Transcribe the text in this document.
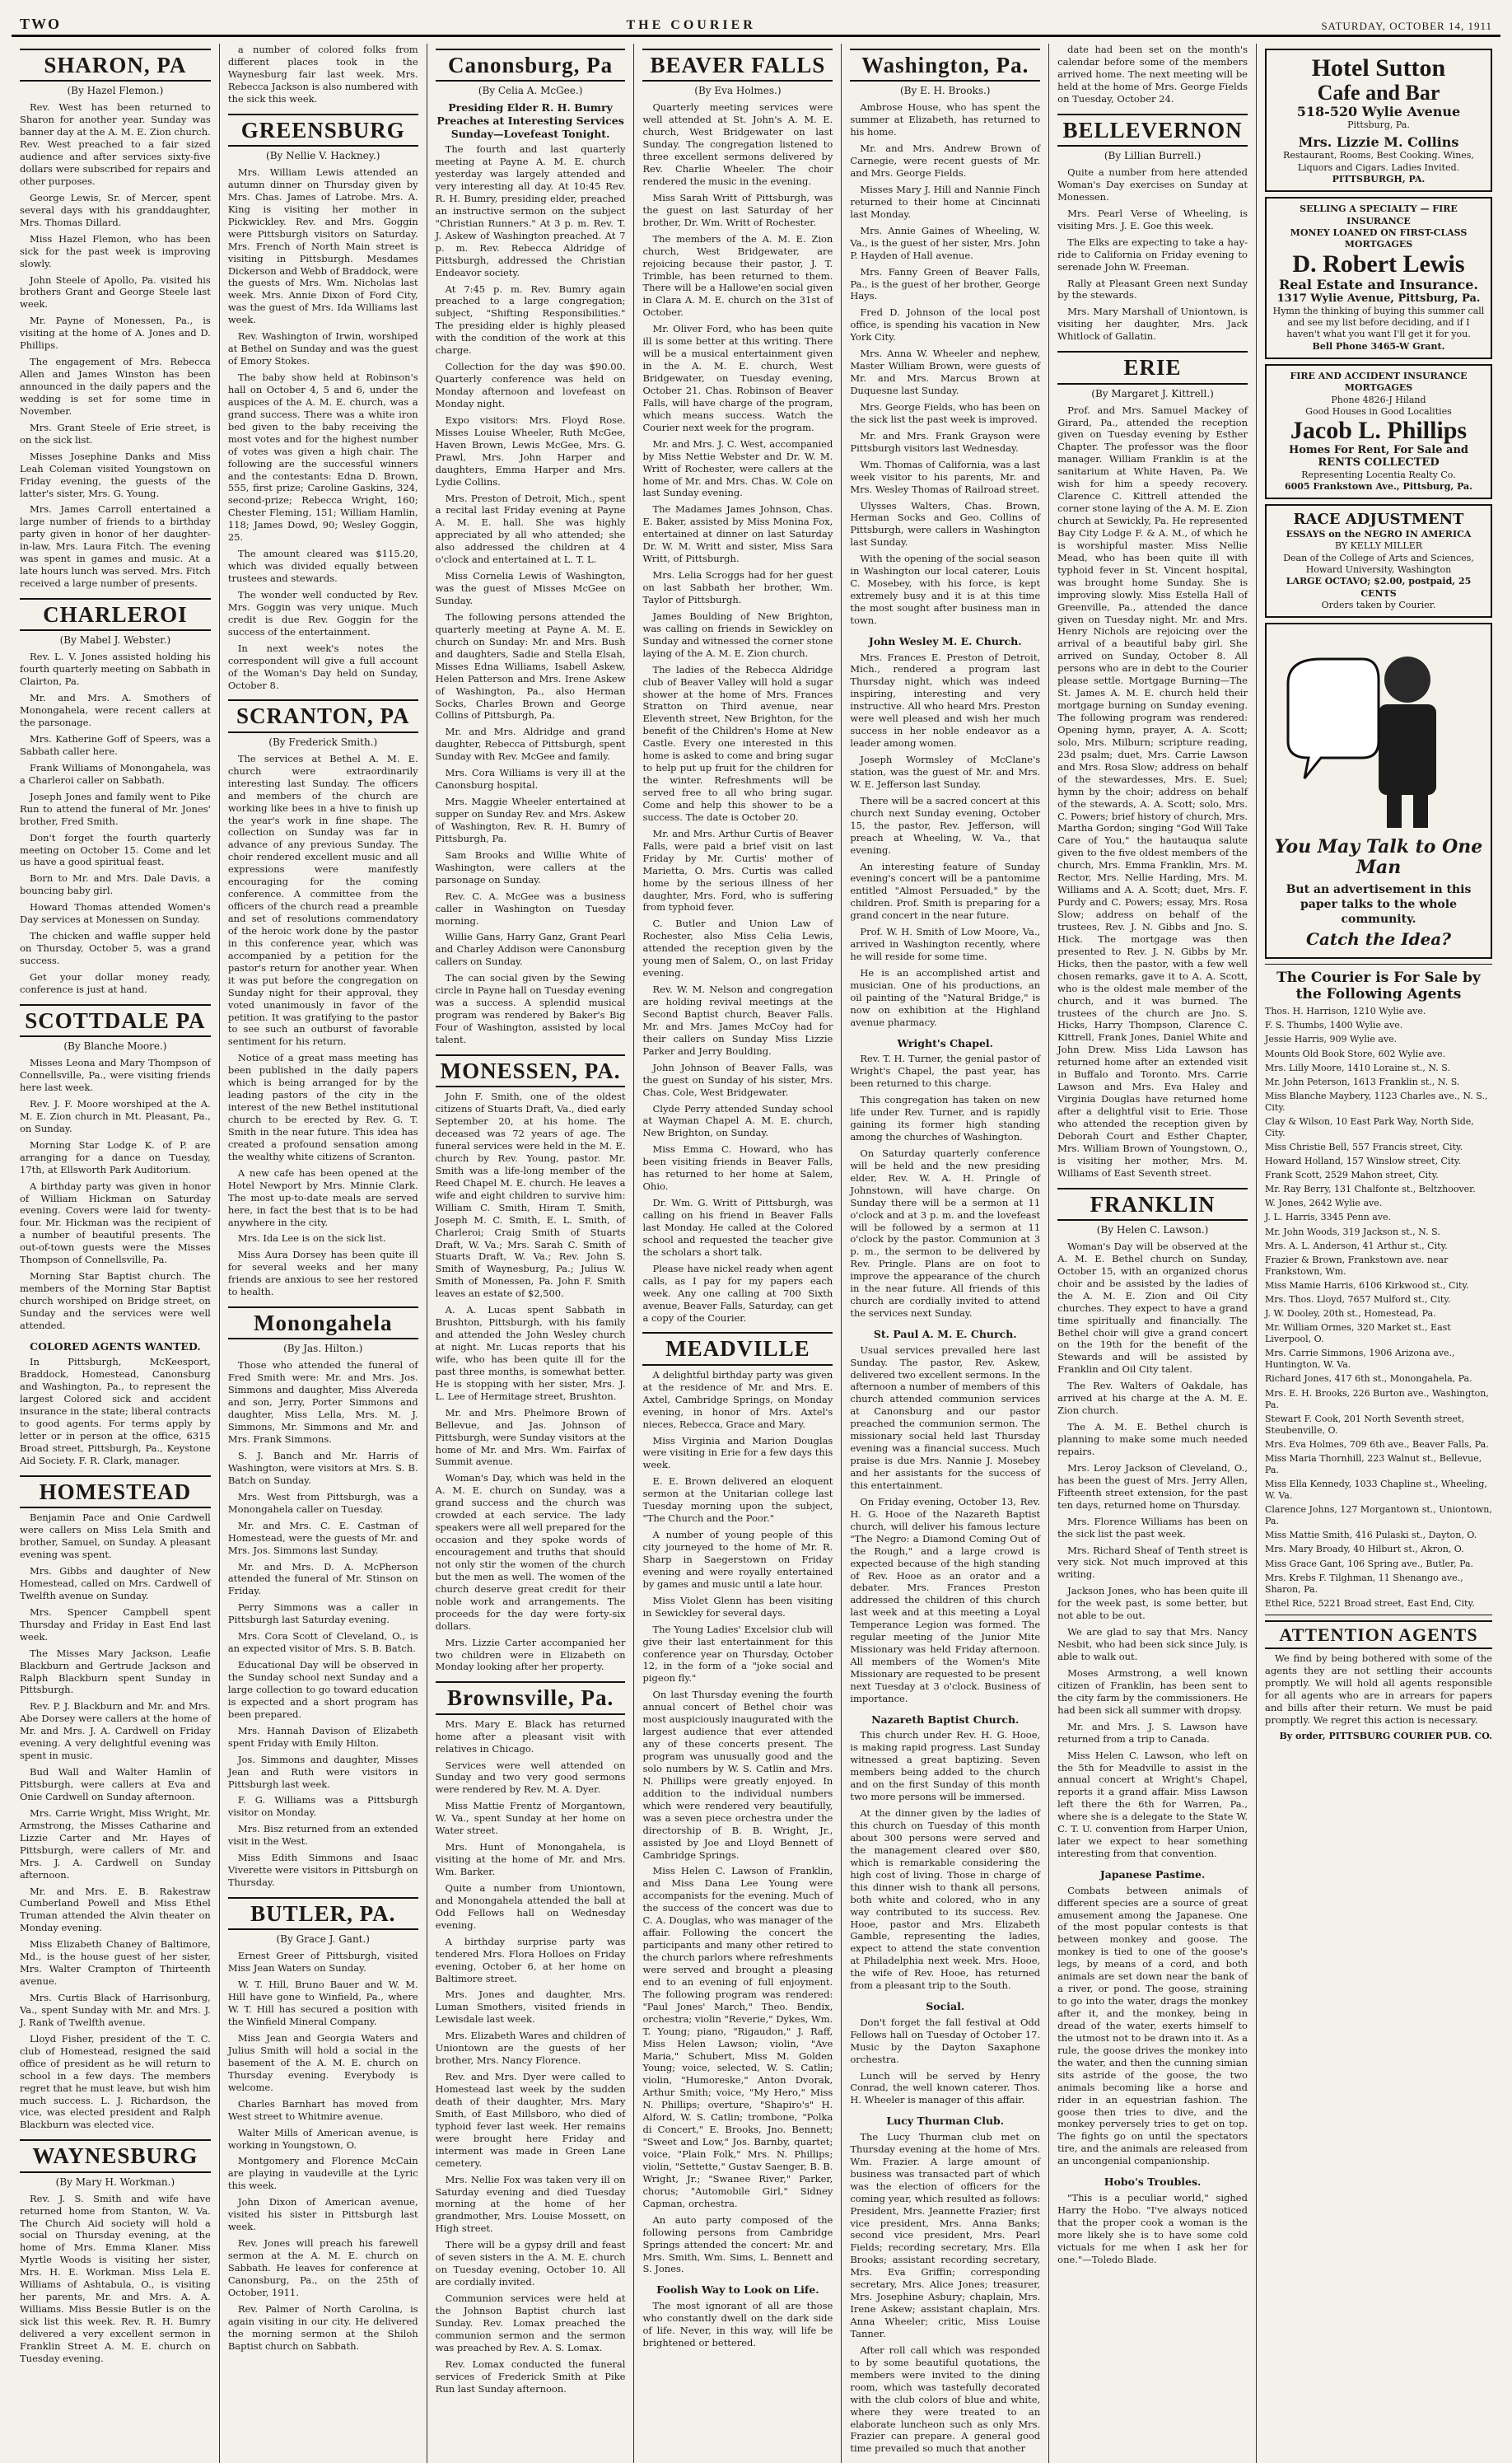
TWO	THE COURIER	SATURDAY, OCTOBER 14, 1911
SHARON, PA
(By Hazel Flemon.)

Rev. West has been returned to Sharon for another year. Sunday was banner day at the A. M. E. Zion church. Rev. West preached to a fair sized audience and after services sixty-five dollars were subscribed for repairs and other purposes.

George Lewis, Sr. of Mercer, spent several days with his granddaughter, Mrs. Thomas Dillard.

Miss Hazel Flemon, who has been sick for the past week is improving slowly.

John Steele of Apollo, Pa. visited his brothers Grant and George Steele last week.

Mr. Payne of Monessen, Pa., is visiting at the home of A. Jones and D. Phillips.

The engagement of Mrs. Rebecca Allen and James Winston has been announced in the daily papers and the wedding is set for some time in November.

Mrs. Grant Steele of Erie street, is on the sick list.

Misses Josephine Danks and Miss Leah Coleman visited Youngstown on Friday evening, the guests of the latter's sister, Mrs. G. Young.

Mrs. James Carroll entertained a large number of friends to a birthday party given in honor of her daughter-in-law, Mrs. Laura Fitch. The evening was spent in games and music. At a late hours lunch was served. Mrs. Fitch received a large number of presents.

CHARLEROI
(By Mabel J. Webster.)

Rev. L. V. Jones assisted holding his fourth quarterly meeting on Sabbath in Clairton, Pa.

Mr. and Mrs. A. Smothers of Monongahela, were recent callers at the parsonage.

Mrs. Katherine Goff of Speers, was a Sabbath caller here.

Frank Williams of Monongahela, was a Charleroi caller on Sabbath.

Joseph Jones and family went to Pike Run to attend the funeral of Mr. Jones' brother, Fred Smith.

Don't forget the fourth quarterly meeting on October 15. Come and let us have a good spiritual feast.

Born to Mr. and Mrs. Dale Davis, a bouncing baby girl.

Howard Thomas attended Women's Day services at Monessen on Sunday.

The chicken and waffle supper held on Thursday, October 5, was a grand success.

Get your dollar money ready, conference is just at hand.

SCOTTDALE PA
(By Blanche Moore.)

Misses Leona and Mary Thompson of Connellsville, Pa., were visiting friends here last week.

Rev. J. F. Moore worshiped at the A. M. E. Zion church in Mt. Pleasant, Pa., on Sunday.

Morning Star Lodge K. of P. are arranging for a dance on Tuesday, 17th, at Ellsworth Park Auditorium.

A birthday party was given in honor of William Hickman on Saturday evening. Covers were laid for twenty-four. Mr. Hickman was the recipient of a number of beautiful presents. The out-of-town guests were the Misses Thompson of Connellsville, Pa.

Morning Star Baptist church. The members of the Morning Star Baptist church worshiped on Bridge street, on Sunday and the services were well attended.

COLORED AGENTS WANTED.

In Pittsburgh, McKeesport, Braddock, Homestead, Canonsburg and Washington, Pa., to represent the largest Colored sick and accident insurance in the state; liberal contracts to good agents. For terms apply by letter or in person at the office, 6315 Broad street, Pittsburgh, Pa., Keystone Aid Society. F. R. Clark, manager.

HOMESTEAD

Benjamin Pace and Onie Cardwell were callers on Miss Lela Smith and brother, Samuel, on Sunday. A pleasant evening was spent.

Mrs. Gibbs and daughter of New Homestead, called on Mrs. Cardwell of Twelfth avenue on Sunday.

Mrs. Spencer Campbell spent Thursday and Friday in East End last week.

The Misses Mary Jackson, Leafie Blackburn and Gertrude Jackson and Ralph Blackburn spent Sunday in Pittsburgh.

Rev. P. J. Blackburn and Mr. and Mrs. Abe Dorsey were callers at the home of Mr. and Mrs. J. A. Cardwell on Friday evening. A very delightful evening was spent in music.

Bud Wall and Walter Hamlin of Pittsburgh, were callers at Eva and Onie Cardwell on Sunday afternoon.

Mrs. Carrie Wright, Miss Wright, Mr. Armstrong, the Misses Catharine and Lizzie Carter and Mr. Hayes of Pittsburgh, were callers of Mr. and Mrs. J. A. Cardwell on Sunday afternoon.

Mr. and Mrs. E. B. Rakestraw Cumberland Powell and Miss Ethel Truman attended the Alvin theater on Monday evening.

Miss Elizabeth Chaney of Baltimore, Md., is the house guest of her sister, Mrs. Walter Crampton of Thirteenth avenue.

Mrs. Curtis Black of Harrisonburg, Va., spent Sunday with Mr. and Mrs. J. J. Rank of Twelfth avenue.

Lloyd Fisher, president of the T. C. club of Homestead, resigned the said office of president as he will return to school in a few days. The members regret that he must leave, but wish him much success. L. J. Richardson, the vice, was elected president and Ralph Blackburn was elected vice.

WAYNESBURG
(By Mary H. Workman.)

Rev. J. S. Smith and wife have returned home from Stanton, W. Va. The Church Aid society will hold a social on Thursday evening, at the home of Mrs. Emma Klaner. Miss Myrtle Woods is visiting her sister, Mrs. H. E. Workman. Miss Lela E. Williams of Ashtabula, O., is visiting her parents, Mr. and Mrs. A. A. Williams. Miss Bessie Butler is on the sick list this week. Rev. R. H. Bumry delivered a very excellent sermon in Franklin Street A. M. E. church on Tuesday evening.

a number of colored folks from different places took in the Waynesburg fair last week. Mrs. Rebecca Jackson is also numbered with the sick this week.

GREENSBURG
(By Nellie V. Hackney.)

Mrs. William Lewis attended an autumn dinner on Thursday given by Mrs. Chas. James of Latrobe. Mrs. A. King is visiting her mother in Pickwickley. Rev. and Mrs. Goggin were Pittsburgh visitors on Saturday. Mrs. French of North Main street is visiting in Pittsburgh. Mesdames Dickerson and Webb of Braddock, were the guests of Mrs. Wm. Nicholas last week. Mrs. Annie Dixon of Ford City, was the guest of Mrs. Ida Williams last week.

Rev. Washington of Irwin, worshiped at Bethel on Sunday and was the guest of Emory Stokes.

The baby show held at Robinson's hall on October 4, 5 and 6, under the auspices of the A. M. E. church, was a grand success. There was a white iron bed given to the baby receiving the most votes and for the highest number of votes was given a high chair. The following are the successful winners and the contestants: Edna D. Brown, 555, first prize; Caroline Gaskins, 324, second-prize; Rebecca Wright, 160; Chester Fleming, 151; William Hamlin, 118; James Dowd, 90; Wesley Goggin, 25.

The amount cleared was $115.20, which was divided equally between trustees and stewards.

The wonder well conducted by Rev. Mrs. Goggin was very unique. Much credit is due Rev. Goggin for the success of the entertainment.

In next week's notes the correspondent will give a full account of the Woman's Day held on Sunday, October 8.

SCRANTON, PA
(By Frederick Smith.)

The services at Bethel A. M. E. church were extraordinarily interesting last Sunday. The officers and members of the church are working like bees in a hive to finish up the year's work in fine shape. The collection on Sunday was far in advance of any previous Sunday. The choir rendered excellent music and all expressions were manifestly encouraging for the coming conference. A committee from the officers of the church read a preamble and set of resolutions commendatory of the heroic work done by the pastor in this conference year, which was accompanied by a petition for the pastor's return for another year. When it was put before the congregation on Sunday night for their approval, they voted unanimously in favor of the petition. It was gratifying to the pastor to see such an outburst of favorable sentiment for his return.

Notice of a great mass meeting has been published in the daily papers which is being arranged for by the leading pastors of the city in the interest of the new Bethel institutional church to be erected by Rev. G. T. Smith in the near future. This idea has created a profound sensation among the wealthy white citizens of Scranton.

A new cafe has been opened at the Hotel Newport by Mrs. Minnie Clark. The most up-to-date meals are served here, in fact the best that is to be had anywhere in the city.

Mrs. Ida Lee is on the sick list.

Miss Aura Dorsey has been quite ill for several weeks and her many friends are anxious to see her restored to health.

Monongahela
(By Jas. Hilton.)

Those who attended the funeral of Fred Smith were: Mr. and Mrs. Jos. Simmons and daughter, Miss Alvereda and son, Jerry, Porter Simmons and daughter, Miss Lella, Mrs. M. J. Simmons, Mr. Simmons and Mr. and Mrs. Frank Simmons.

S. J. Banch and Mr. Harris of Washington, were visitors at Mrs. S. B. Batch on Sunday.

Mrs. West from Pittsburgh, was a Monongahela caller on Tuesday.

Mr. and Mrs. C. E. Castman of Homestead, were the guests of Mr. and Mrs. Jos. Simmons last Sunday.

Mr. and Mrs. D. A. McPherson attended the funeral of Mr. Stinson on Friday.

Perry Simmons was a caller in Pittsburgh last Saturday evening.

Mrs. Cora Scott of Cleveland, O., is an expected visitor of Mrs. S. B. Batch.

Educational Day will be observed in the Sunday school next Sunday and a large collection to go toward education is expected and a short program has been prepared.

Mrs. Hannah Davison of Elizabeth spent Friday with Emily Hilton.

Jos. Simmons and daughter, Misses Jean and Ruth were visitors in Pittsburgh last week.

F. G. Williams was a Pittsburgh visitor on Monday.

Mrs. Bisz returned from an extended visit in the West.

Miss Edith Simmons and Isaac Viverette were visitors in Pittsburgh on Thursday.

BUTLER, PA.
(By Grace J. Gant.)

Ernest Greer of Pittsburgh, visited Miss Jean Waters on Sunday.

W. T. Hill, Bruno Bauer and W. M. Hill have gone to Winfield, Pa., where W. T. Hill has secured a position with the Winfield Mineral Company.

Miss Jean and Georgia Waters and Julius Smith will hold a social in the basement of the A. M. E. church on Thursday evening. Everybody is welcome.

Charles Barnhart has moved from West street to Whitmire avenue.

Walter Mills of American avenue, is working in Youngstown, O.

Montgomery and Florence McCain are playing in vaudeville at the Lyric this week.

John Dixon of American avenue, visited his sister in Pittsburgh last week.

Rev. Jones will preach his farewell sermon at the A. M. E. church on Sabbath. He leaves for conference at Canonsburg, Pa., on the 25th of October, 1911.

Rev. Palmer of North Carolina, is again visiting in our city. He delivered the morning sermon at the Shiloh Baptist church on Sabbath.

Canonsburg, Pa
(By Celia A. McGee.)
Presiding Elder R. H. Bumry Preaches at Interesting Services Sunday—Lovefeast Tonight.

The fourth and last quarterly meeting at Payne A. M. E. church yesterday was largely attended and very interesting all day. At 10:45 Rev. R. H. Bumry, presiding elder, preached an instructive sermon on the subject "Christian Runners." At 3 p. m. Rev. T. J. Askew of Washington preached. At 7 p. m. Rev. Rebecca Aldridge of Pittsburgh, addressed the Christian Endeavor society.

At 7:45 p. m. Rev. Bumry again preached to a large congregation; subject, "Shifting Responsibilities." The presiding elder is highly pleased with the condition of the work at this charge.

Collection for the day was $90.00. Quarterly conference was held on Monday afternoon and lovefeast on Monday night.

Expo visitors: Mrs. Floyd Rose. Misses Louise Wheeler, Ruth McGee, Haven Brown, Lewis McGee, Mrs. G. Prawl, Mrs. John Harper and daughters, Emma Harper and Mrs. Lydie Collins.

Mrs. Preston of Detroit, Mich., spent a recital last Friday evening at Payne A. M. E. hall. She was highly appreciated by all who attended; she also addressed the children at 4 o'clock and entertained at L. T. L.

Miss Cornelia Lewis of Washington, was the guest of Misses McGee on Sunday.

The following persons attended the quarterly meeting at Payne A. M. E. church on Sunday: Mr. and Mrs. Bush and daughters, Sadie and Stella Elsah, Misses Edna Williams, Isabell Askew, Helen Patterson and Mrs. Irene Askew of Washington, Pa., also Herman Socks, Charles Brown and George Collins of Pittsburgh, Pa.

Mr. and Mrs. Aldridge and grand daughter, Rebecca of Pittsburgh, spent Sunday with Rev. McGee and family.

Mrs. Cora Williams is very ill at the Canonsburg hospital.

Mrs. Maggie Wheeler entertained at supper on Sunday Rev. and Mrs. Askew of Washington, Rev. R. H. Bumry of Pittsburgh, Pa.

Sam Brooks and Willie White of Washington, were callers at the parsonage on Sunday.

Rev. C. A. McGee was a business caller in Washington on Tuesday morning.

Willie Gans, Harry Ganz, Grant Pearl and Charley Addison were Canonsburg callers on Sunday.

The can social given by the Sewing circle in Payne hall on Tuesday evening was a success. A splendid musical program was rendered by Baker's Big Four of Washington, assisted by local talent.

MONESSEN, PA.

John F. Smith, one of the oldest citizens of Stuarts Draft, Va., died early September 20, at his home. The deceased was 72 years of age. The funeral services were held in the M. E. church by Rev. Young, pastor. Mr. Smith was a life-long member of the Reed Chapel M. E. church. He leaves a wife and eight children to survive him: William C. Smith, Hiram T. Smith, Joseph M. C. Smith, E. L. Smith, of Charleroi; Craig Smith of Stuarts Draft, W. Va.; Mrs. Sarah C. Smith of Stuarts Draft, W. Va.; Rev. John S. Smith of Waynesburg, Pa.; Julius W. Smith of Monessen, Pa. John F. Smith leaves an estate of $2,500.

A. A. Lucas spent Sabbath in Brushton, Pittsburgh, with his family and attended the John Wesley church at night. Mr. Lucas reports that his wife, who has been quite ill for the past three months, is somewhat better. He is stopping with her sister, Mrs. J. L. Lee of Hermitage street, Brushton.

Mr. and Mrs. Phelmore Brown of Bellevue, and Jas. Johnson of Pittsburgh, were Sunday visitors at the home of Mr. and Mrs. Wm. Fairfax of Summit avenue.

Woman's Day, which was held in the A. M. E. church on Sunday, was a grand success and the church was crowded at each service. The lady speakers were all well prepared for the occasion and they spoke words of encouragement and truths that should not only stir the women of the church but the men as well. The women of the church deserve great credit for their noble work and arrangements. The proceeds for the day were forty-six dollars.

Mrs. Lizzie Carter accompanied her two children were in Elizabeth on Monday looking after her property.

Brownsville, Pa.

Mrs. Mary E. Black has returned home after a pleasant visit with relatives in Chicago.

Services were well attended on Sunday and two very good sermons were rendered by Rev. M. A. Dyer.

Miss Mattie Frentz of Morgantown, W. Va., spent Sunday at her home on Water street.

Mrs. Hunt of Monongahela, is visiting at the home of Mr. and Mrs. Wm. Barker.

Quite a number from Uniontown, and Monongahela attended the ball at Odd Fellows hall on Wednesday evening.

A birthday surprise party was tendered Mrs. Flora Holloes on Friday evening, October 6, at her home on Baltimore street.

Mrs. Jones and daughter, Mrs. Luman Smothers, visited friends in Lewisdale last week.

Mrs. Elizabeth Wares and children of Uniontown are the guests of her brother, Mrs. Nancy Florence.

Rev. and Mrs. Dyer were called to Homestead last week by the sudden death of their daughter, Mrs. Mary Smith, of East Millsboro, who died of typhoid fever last week. Her remains were brought here Friday and interment was made in Green Lane cemetery.

Mrs. Nellie Fox was taken very ill on Saturday evening and died Tuesday morning at the home of her grandmother, Mrs. Louise Mossett, on High street.

There will be a gypsy drill and feast of seven sisters in the A. M. E. church on Tuesday evening, October 10. All are cordially invited.

Communion services were held at the Johnson Baptist church last Sunday. Rev. Lomax preached the communion sermon and the sermon was preached by Rev. A. S. Lomax.

Rev. Lomax conducted the funeral services of Frederick Smith at Pike Run last Sunday afternoon.

BEAVER FALLS
(By Eva Holmes.)

Quarterly meeting services were well attended at St. John's A. M. E. church, West Bridgewater on last Sunday. The congregation listened to three excellent sermons delivered by Rev. Charlie Wheeler. The choir rendered the music in the evening.

Miss Sarah Writt of Pittsburgh, was the guest on last Saturday of her brother, Dr. Wm. Writt of Rochester.

The members of the A. M. E. Zion church, West Bridgewater, are rejoicing because their pastor, J. T. Trimble, has been returned to them. There will be a Hallowe'en social given in Clara A. M. E. church on the 31st of October.

Mr. Oliver Ford, who has been quite ill is some better at this writing. There will be a musical entertainment given in the A. M. E. church, West Bridgewater, on Tuesday evening, October 21. Chas. Robinson of Beaver Falls, will have charge of the program, which means success. Watch the Courier next week for the program.

Mr. and Mrs. J. C. West, accompanied by Miss Nettie Webster and Dr. W. M. Writt of Rochester, were callers at the home of Mr. and Mrs. Chas. W. Cole on last Sunday evening.

The Madames James Johnson, Chas. E. Baker, assisted by Miss Monina Fox, entertained at dinner on last Saturday Dr. W. M. Writt and sister, Miss Sara Writt, of Pittsburgh.

Mrs. Lelia Scroggs had for her guest on last Sabbath her brother, Wm. Taylor of Pittsburgh.

James Boulding of New Brighton, was calling on friends in Sewickley on Sunday and witnessed the corner stone laying of the A. M. E. Zion church.

The ladies of the Rebecca Aldridge club of Beaver Valley will hold a sugar shower at the home of Mrs. Frances Stratton on Third avenue, near Eleventh street, New Brighton, for the benefit of the Children's Home at New Castle. Every one interested in this home is asked to come and bring sugar to help put up fruit for the children for the winter. Refreshments will be served free to all who bring sugar. Come and help this shower to be a success. The date is October 20.

Mr. and Mrs. Arthur Curtis of Beaver Falls, were paid a brief visit on last Friday by Mr. Curtis' mother of Marietta, O. Mrs. Curtis was called home by the serious illness of her daughter, Mrs. Ford, who is suffering from typhoid fever.

C. Butler and Union Law of Rochester, also Miss Celia Lewis, attended the reception given by the young men of Salem, O., on last Friday evening.

Rev. W. M. Nelson and congregation are holding revival meetings at the Second Baptist church, Beaver Falls. Mr. and Mrs. James McCoy had for their callers on Sunday Miss Lizzie Parker and Jerry Boulding.

John Johnson of Beaver Falls, was the guest on Sunday of his sister, Mrs. Chas. Cole, West Bridgewater.

Clyde Perry attended Sunday school at Wayman Chapel A. M. E. church, New Brighton, on Sunday.

Miss Emma C. Howard, who has been visiting friends in Beaver Falls, has returned to her home at Salem, Ohio.

Dr. Wm. G. Writt of Pittsburgh, was calling on his friend in Beaver Falls last Monday. He called at the Colored school and requested the teacher give the scholars a short talk.

Please have nickel ready when agent calls, as I pay for my papers each week. Any one calling at 700 Sixth avenue, Beaver Falls, Saturday, can get a copy of the Courier.

MEADVILLE

A delightful birthday party was given at the residence of Mr. and Mrs. E. Axtel, Cambridge Springs, on Monday evening, in honor of Mrs. Axtel's nieces, Rebecca, Grace and Mary.

Miss Virginia and Marion Douglas were visiting in Erie for a few days this week.

E. E. Brown delivered an eloquent sermon at the Unitarian college last Tuesday morning upon the subject, "The Church and the Poor."

A number of young people of this city journeyed to the home of Mr. R. Sharp in Saegerstown on Friday evening and were royally entertained by games and music until a late hour.

Miss Violet Glenn has been visiting in Sewickley for several days.

The Young Ladies' Excelsior club will give their last entertainment for this conference year on Thursday, October 12, in the form of a "joke social and pigeon fly."

On last Thursday evening the fourth annual concert of Bethel choir was most auspiciously inaugurated with the largest audience that ever attended any of these concerts present. The program was unusually good and the solo numbers by W. S. Catlin and Mrs. N. Phillips were greatly enjoyed. In addition to the individual numbers which were rendered very beautifully, was a seven piece orchestra under the directorship of B. B. Wright, Jr., assisted by Joe and Lloyd Bennett of Cambridge Springs.

Miss Helen C. Lawson of Franklin, and Miss Dana Lee Young were accompanists for the evening. Much of the success of the concert was due to C. A. Douglas, who was manager of the affair. Following the concert the participants and many other retired to the church parlors where refreshments were served and brought a pleasing end to an evening of full enjoyment. The following program was rendered: "Paul Jones' March," Theo. Bendix, orchestra; violin "Reverie," Dykes, Wm. T. Young; piano, "Rigaudon," J. Raff, Miss Helen Lawson; violin, "Ave Maria," Schubert, Miss M. Golden Young; voice, selected, W. S. Catlin; violin, "Humoreske," Anton Dvorak, Arthur Smith; voice, "My Hero," Miss N. Phillips; overture, "Shapiro's" H. Alford, W. S. Catlin; trombone, "Polka di Concert," E. Brooks, Jno. Bennett; "Sweet and Low," Jos. Barnby, quartet; voice, "Plain Folk," Mrs. N. Phillips; violin, "Settette," Gustav Saenger, B. B. Wright, Jr.; "Swanee River," Parker, chorus; "Automobile Girl," Sidney Capman, orchestra.

An auto party composed of the following persons from Cambridge Springs attended the concert: Mr. and Mrs. Smith, Wm. Sims, L. Bennett and S. Jones.

Foolish Way to Look on Life.

The most ignorant of all are those who constantly dwell on the dark side of life. Never, in this way, will life be brightened or bettered.

Washington, Pa.
(By E. H. Brooks.)

Ambrose House, who has spent the summer at Elizabeth, has returned to his home.

Mr. and Mrs. Andrew Brown of Carnegie, were recent guests of Mr. and Mrs. George Fields.

Misses Mary J. Hill and Nannie Finch returned to their home at Cincinnati last Monday.

Mrs. Annie Gaines of Wheeling, W. Va., is the guest of her sister, Mrs. John P. Hayden of Hall avenue.

Mrs. Fanny Green of Beaver Falls, Pa., is the guest of her brother, George Hays.

Fred D. Johnson of the local post office, is spending his vacation in New York City.

Mrs. Anna W. Wheeler and nephew, Master William Brown, were guests of Mr. and Mrs. Marcus Brown at Duquesne last Sunday.

Mrs. George Fields, who has been on the sick list the past week is improved.

Mr. and Mrs. Frank Grayson were Pittsburgh visitors last Wednesday.

Wm. Thomas of California, was a last week visitor to his parents, Mr. and Mrs. Wesley Thomas of Railroad street.

Ulysses Walters, Chas. Brown, Herman Socks and Geo. Collins of Pittsburgh, were callers in Washington last Sunday.

With the opening of the social season in Washington our local caterer, Louis C. Mosebey, with his force, is kept extremely busy and it is at this time the most sought after business man in town.

John Wesley M. E. Church.

Mrs. Frances E. Preston of Detroit, Mich., rendered a program last Thursday night, which was indeed inspiring, interesting and very instructive. All who heard Mrs. Preston were well pleased and wish her much success in her noble endeavor as a leader among women.

Joseph Wormsley of McClane's station, was the guest of Mr. and Mrs. W. E. Jefferson last Sunday.

There will be a sacred concert at this church next Sunday evening, October 15, the pastor, Rev. Jefferson, will preach at Wheeling, W. Va., that evening.

An interesting feature of Sunday evening's concert will be a pantomime entitled "Almost Persuaded," by the children. Prof. Smith is preparing for a grand concert in the near future.

Prof. W. H. Smith of Low Moore, Va., arrived in Washington recently, where he will reside for some time.

He is an accomplished artist and musician. One of his productions, an oil painting of the "Natural Bridge," is now on exhibition at the Highland avenue pharmacy.

Wright's Chapel.

Rev. T. H. Turner, the genial pastor of Wright's Chapel, the past year, has been returned to this charge.

This congregation has taken on new life under Rev. Turner, and is rapidly gaining its former high standing among the churches of Washington.

On Saturday quarterly conference will be held and the new presiding elder, Rev. W. A. H. Pringle of Johnstown, will have charge. On Sunday there will be a sermon at 11 o'clock and at 3 p. m. and the lovefeast will be followed by a sermon at 11 o'clock by the pastor. Communion at 3 p. m., the sermon to be delivered by Rev. Pringle. Plans are on foot to improve the appearance of the church in the near future. All friends of this church are cordially invited to attend the services next Sunday.

St. Paul A. M. E. Church.

Usual services prevailed here last Sunday. The pastor, Rev. Askew, delivered two excellent sermons. In the afternoon a number of members of this church attended communion services at Canonsburg and our pastor preached the communion sermon. The missionary social held last Thursday evening was a financial success. Much praise is due Mrs. Nannie J. Mosebey and her assistants for the success of this entertainment.

On Friday evening, October 13, Rev. H. G. Hooe of the Nazareth Baptist church, will deliver his famous lecture "The Negro: a Diamond Coming Out of the Rough," and a large crowd is expected because of the high standing of Rev. Hooe as an orator and a debater. Mrs. Frances Preston addressed the children of this church last week and at this meeting a Loyal Temperance Legion was formed. The regular meeting of the Junior Mite Missionary was held Friday afternoon. All members of the Women's Mite Missionary are requested to be present next Tuesday at 3 o'clock. Business of importance.

Nazareth Baptist Church.

This church under Rev. H. G. Hooe, is making rapid progress. Last Sunday witnessed a great baptizing. Seven members being added to the church and on the first Sunday of this month two more persons will be immersed.

At the dinner given by the ladies of this church on Tuesday of this month about 300 persons were served and the management cleared over $80, which is remarkable considering the high cost of living. Those in charge of this dinner wish to thank all persons, both white and colored, who in any way contributed to its success. Rev. Hooe, pastor and Mrs. Elizabeth Gamble, representing the ladies, expect to attend the state convention at Philadelphia next week. Mrs. Hooe, the wife of Rev. Hooe, has returned from a pleasant trip to the South.

Social.

Don't forget the fall festival at Odd Fellows hall on Tuesday of October 17. Music by the Dayton Saxaphone orchestra.

Lunch will be served by Henry Conrad, the well known caterer. Thos. H. Wheeler is manager of this affair.

Lucy Thurman Club.

The Lucy Thurman club met on Thursday evening at the home of Mrs. Wm. Frazier. A large amount of business was transacted part of which was the election of officers for the coming year, which resulted as follows: President, Mrs. Jeannette Frazier; first vice president, Mrs. Anna Banks; second vice president, Mrs. Pearl Fields; recording secretary, Mrs. Ella Brooks; assistant recording secretary, Mrs. Eva Griffin; corresponding secretary, Mrs. Alice Jones; treasurer, Mrs. Josephine Asbury; chaplain, Mrs. Irene Askew; assistant chaplain, Mrs. Anna Wheeler; critic, Miss Louise Tanner.

After roll call which was responded to by some beautiful quotations, the members were invited to the dining room, which was tastefully decorated with the club colors of blue and white, where they were treated to an elaborate luncheon such as only Mrs. Frazier can prepare. A general good time prevailed so much that another

date had been set on the month's calendar before some of the members arrived home. The next meeting will be held at the home of Mrs. George Fields on Tuesday, October 24.

BELLEVERNON
(By Lillian Burrell.)

Quite a number from here attended Woman's Day exercises on Sunday at Monessen.

Mrs. Pearl Verse of Wheeling, is visiting Mrs. J. E. Goe this week.

The Elks are expecting to take a hay-ride to California on Friday evening to serenade John W. Freeman.

Rally at Pleasant Green next Sunday by the stewards.

Mrs. Mary Marshall of Uniontown, is visiting her daughter, Mrs. Jack Whitlock of Gallatin.

ERIE
(By Margaret J. Kittrell.)

Prof. and Mrs. Samuel Mackey of Girard, Pa., attended the reception given on Tuesday evening by Esther Chapter. The professor was the floor manager. William Franklin is at the sanitarium at White Haven, Pa. We wish for him a speedy recovery. Clarence C. Kittrell attended the corner stone laying of the A. M. E. Zion church at Sewickly, Pa. He represented Bay City Lodge F. & A. M., of which he is worshipful master. Miss Nellie Mead, who has been quite ill with typhoid fever in St. Vincent hospital, was brought home Sunday. She is improving slowly. Miss Estella Hall of Greenville, Pa., attended the dance given on Tuesday night. Mr. and Mrs. Henry Nichols are rejoicing over the arrival of a beautiful baby girl. She arrived on Sunday, October 8. All persons who are in debt to the Courier please settle. Mortgage Burning—The St. James A. M. E. church held their mortgage burning on Sunday evening. The following program was rendered: Opening hymn, prayer, A. A. Scott; solo, Mrs. Milburn; scripture reading, 23d psalm; duet, Mrs. Carrie Lawson and Mrs. Rosa Slow; address on behalf of the stewardesses, Mrs. E. Suel; hymn by the choir; address on behalf of the stewards, A. A. Scott; solo, Mrs. C. Powers; brief history of church, Mrs. Martha Gordon; singing "God Will Take Care of You," the hautauqua salute given to the five oldest members of the church, Mrs. Emma Franklin, Mrs. M. Rector, Mrs. Nellie Harding, Mrs. M. Williams and A. A. Scott; duet, Mrs. F. Purdy and C. Powers; essay, Mrs. Rosa Slow; address on behalf of the trustees, Rev. J. N. Gibbs and Jno. S. Hick. The mortgage was then presented to Rev. J. N. Gibbs by Mr. Hicks, then the pastor, with a few well chosen remarks, gave it to A. A. Scott, who is the oldest male member of the church, and it was burned. The trustees of the church are Jno. S. Hicks, Harry Thompson, Clarence C. Kittrell, Frank Jones, Daniel White and John Drew. Miss Lida Lawson has returned home after an extended visit in Buffalo and Toronto. Mrs. Carrie Lawson and Mrs. Eva Haley and Virginia Douglas have returned home after a delightful visit to Erie. Those who attended the reception given by Deborah Court and Esther Chapter, Mrs. William Brown of Youngstown, O., is visiting her mother, Mrs. M. Williams of East Seventh street.

FRANKLIN
(By Helen C. Lawson.)

Woman's Day will be observed at the A. M. E. Bethel church on Sunday, October 15, with an organized chorus choir and be assisted by the ladies of the A. M. E. Zion and Oil City churches. They expect to have a grand time spiritually and financially. The Bethel choir will give a grand concert on the 19th for the benefit of the Stewards and will be assisted by Franklin and Oil City talent.

The Rev. Walters of Oakdale, has arrived at his charge at the A. M. E. Zion church.

The A. M. E. Bethel church is planning to make some much needed repairs.

Mrs. Leroy Jackson of Cleveland, O., has been the guest of Mrs. Jerry Allen, Fifteenth street extension, for the past ten days, returned home on Thursday.

Mrs. Florence Williams has been on the sick list the past week.

Mrs. Richard Sheaf of Tenth street is very sick. Not much improved at this writing.

Jackson Jones, who has been quite ill for the week past, is some better, but not able to be out.

We are glad to say that Mrs. Nancy Nesbit, who had been sick since July, is able to walk out.

Moses Armstrong, a well known citizen of Franklin, has been sent to the city farm by the commissioners. He had been sick all summer with dropsy.

Mr. and Mrs. J. S. Lawson have returned from a trip to Canada.

Miss Helen C. Lawson, who left on the 5th for Meadville to assist in the annual concert at Wright's Chapel, reports it a grand affair. Miss Lawson left there the 6th for Warren, Pa., where she is a delegate to the State W. C. T. U. convention from Harper Union, later we expect to hear something interesting from that convention.

Japanese Pastime.

Combats between animals of different species are a source of great amusement among the Japanese. One of the most popular contests is that between monkey and goose. The monkey is tied to one of the goose's legs, by means of a cord, and both animals are set down near the bank of a river, or pond. The goose, straining to go into the water, drags the monkey after it, and the monkey, being in dread of the water, exerts himself to the utmost not to be drawn into it. As a rule, the goose drives the monkey into the water, and then the cunning simian sits astride of the goose, the two animals becoming like a horse and rider in an equestrian fashion. The goose then tries to dive, and the monkey perversely tries to get on top. The fights go on until the spectators tire, and the animals are released from an uncongenial companionship.

Hobo's Troubles.

"This is a peculiar world," sighed Harry the Hobo. "I've always noticed that the proper cook a woman is the more likely she is to have some cold victuals for me when I ask her for one."—Toledo Blade.

Hotel Sutton
Cafe and Bar
518-520 Wylie Avenue
Pittsburg, Pa.
Mrs. Lizzie M. Collins
Restaurant, Rooms, Best Cooking. Wines, Liquors and Cigars. Ladies Invited.
PITTSBURGH, PA.
SELLING A SPECIALTY — FIRE INSURANCE
MONEY LOANED ON FIRST-CLASS MORTGAGES
D. Robert Lewis
Real Estate and Insurance.
1317 Wylie Avenue, Pittsburg, Pa.
Hymn the thinking of buying this summer call and see my list before deciding, and if I haven't what you want I'll get it for you.
Bell Phone 3465-W Grant.
FIRE AND ACCIDENT INSURANCE
MORTGAGES
Phone 4826-J Hiland
Good Houses in Good Localities
Jacob L. Phillips
Homes For Rent, For Sale and RENTS COLLECTED
Representing Locentia Realty Co.
6005 Frankstown Ave., Pittsburg, Pa.
RACE ADJUSTMENT
ESSAYS on the NEGRO IN AMERICA
BY KELLY MILLER
Dean of the College of Arts and Sciences, Howard University, Washington
LARGE OCTAVO; $2.00, postpaid, 25 CENTS
Orders taken by Courier.
You May Talk to One Man
But an advertisement in this paper talks to the whole community.
Catch the Idea?
The Courier is For Sale by the Following Agents
Thos. H. Harrison, 1210 Wylie ave.
F. S. Thumbs, 1400 Wylie ave.
Jessie Harris, 909 Wylie ave.
Mounts Old Book Store, 602 Wylie ave.
Mrs. Lilly Moore, 1410 Loraine st., N. S.
Mr. John Peterson, 1613 Franklin st., N. S.
Miss Blanche Maybery, 1123 Charles ave., N. S., City.
Clay & Wilson, 10 East Park Way, North Side, City.
Miss Christie Bell, 557 Francis street, City.
Howard Holland, 157 Winslow street, City.
Frank Scott, 2529 Mahon street, City.
Mr. Ray Berry, 131 Chalfonte st., Beltzhoover.
W. Jones, 2642 Wylie ave.
J. L. Harris, 3345 Penn ave.
Mr. John Woods, 319 Jackson st., N. S.
Mrs. A. L. Anderson, 41 Arthur st., City.
Frazier & Brown, Frankstown ave. near Frankstown, Wm.
Miss Mamie Harris, 6106 Kirkwood st., City.
Mrs. Thos. Lloyd, 7657 Mulford st., City.
J. W. Dooley, 20th st., Homestead, Pa.
Mr. William Ormes, 320 Market st., East Liverpool, O.
Mrs. Carrie Simmons, 1906 Arizona ave., Huntington, W. Va.
Richard Jones, 417 6th st., Monongahela, Pa.
Mrs. E. H. Brooks, 226 Burton ave., Washington, Pa.
Stewart F. Cook, 201 North Seventh street, Steubenville, O.
Mrs. Eva Holmes, 709 6th ave., Beaver Falls, Pa.
Miss Maria Thornhill, 223 Walnut st., Bellevue, Pa.
Miss Ella Kennedy, 1033 Chapline st., Wheeling, W. Va.
Clarence Johns, 127 Morgantown st., Uniontown, Pa.
Miss Mattie Smith, 416 Pulaski st., Dayton, O.
Mrs. Mary Broady, 40 Hilburt st., Akron, O.
Miss Grace Gant, 106 Spring ave., Butler, Pa.
Mrs. Krebs F. Tilghman, 11 Shenango ave., Sharon, Pa.
Ethel Rice, 5221 Broad street, East End, City.
ATTENTION AGENTS
We find by being bothered with some of the agents they are not settling their accounts promptly. We will hold all agents responsible for all agents who are in arrears for papers and bills after their return. We must be paid promptly. We regret this action is necessary.
By order, PITTSBURG COURIER PUB. CO.
